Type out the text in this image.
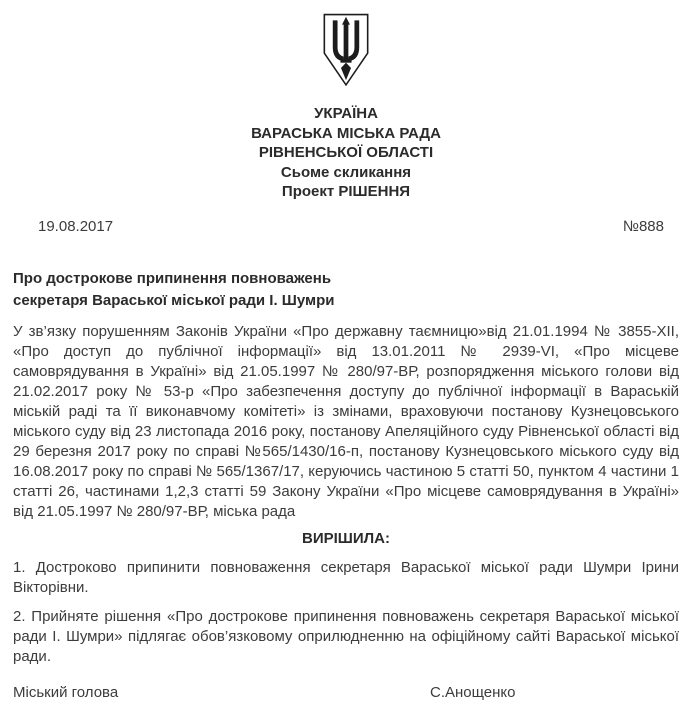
УКРАЇНА
ВАРАСЬКА МІСЬКА РАДА
РІВНЕНСЬКОЇ ОБЛАСТІ
Сьоме скликання
Проект РІШЕННЯ
19.08.2017	№888
Про дострокове припинення повноважень
секретаря Вараської міської ради І. Шумри

У зв’язку порушенням Законів України «Про державну таємницю»від 21.01.1994 № 3855-XII, «Про доступ до публічної інформації» від 13.01.2011 № 2939-VI, «Про місцеве самоврядування в Україні» від 21.05.1997 № 280/97-ВР, розпорядження міського голови від 21.02.2017 року № 53-р «Про забезпечення доступу до публічної інформації в Вараській міській раді та її виконавчому комітеті» із змінами, враховуючи постанову Кузнецовського міського суду від 23 листопада 2016 року, постанову Апеляційного суду Рівненської області від 29 березня 2017 року по справі №565/1430/16-п, постанову Кузнецовського міського суду від 16.08.2017 року по справі № 565/1367/17, керуючись частиною 5 статті 50, пунктом 4 частини 1 статті 26, частинами 1,2,3 статті 59 Закону України «Про місцеве самоврядування в Україні» від 21.05.1997 № 280/97-ВР, міська рада

ВИРІШИЛА:

1. Достроково припинити повноваження секретаря Вараської міської ради Шумри Ірини Вікторівни.

2. Прийняте рішення «Про дострокове припинення повноважень секретаря Вараської міської ради І. Шумри» підлягає обов’язковому оприлюдненню на офіційному сайті Вараської міської ради.

Міський голова	С.Анощенко
